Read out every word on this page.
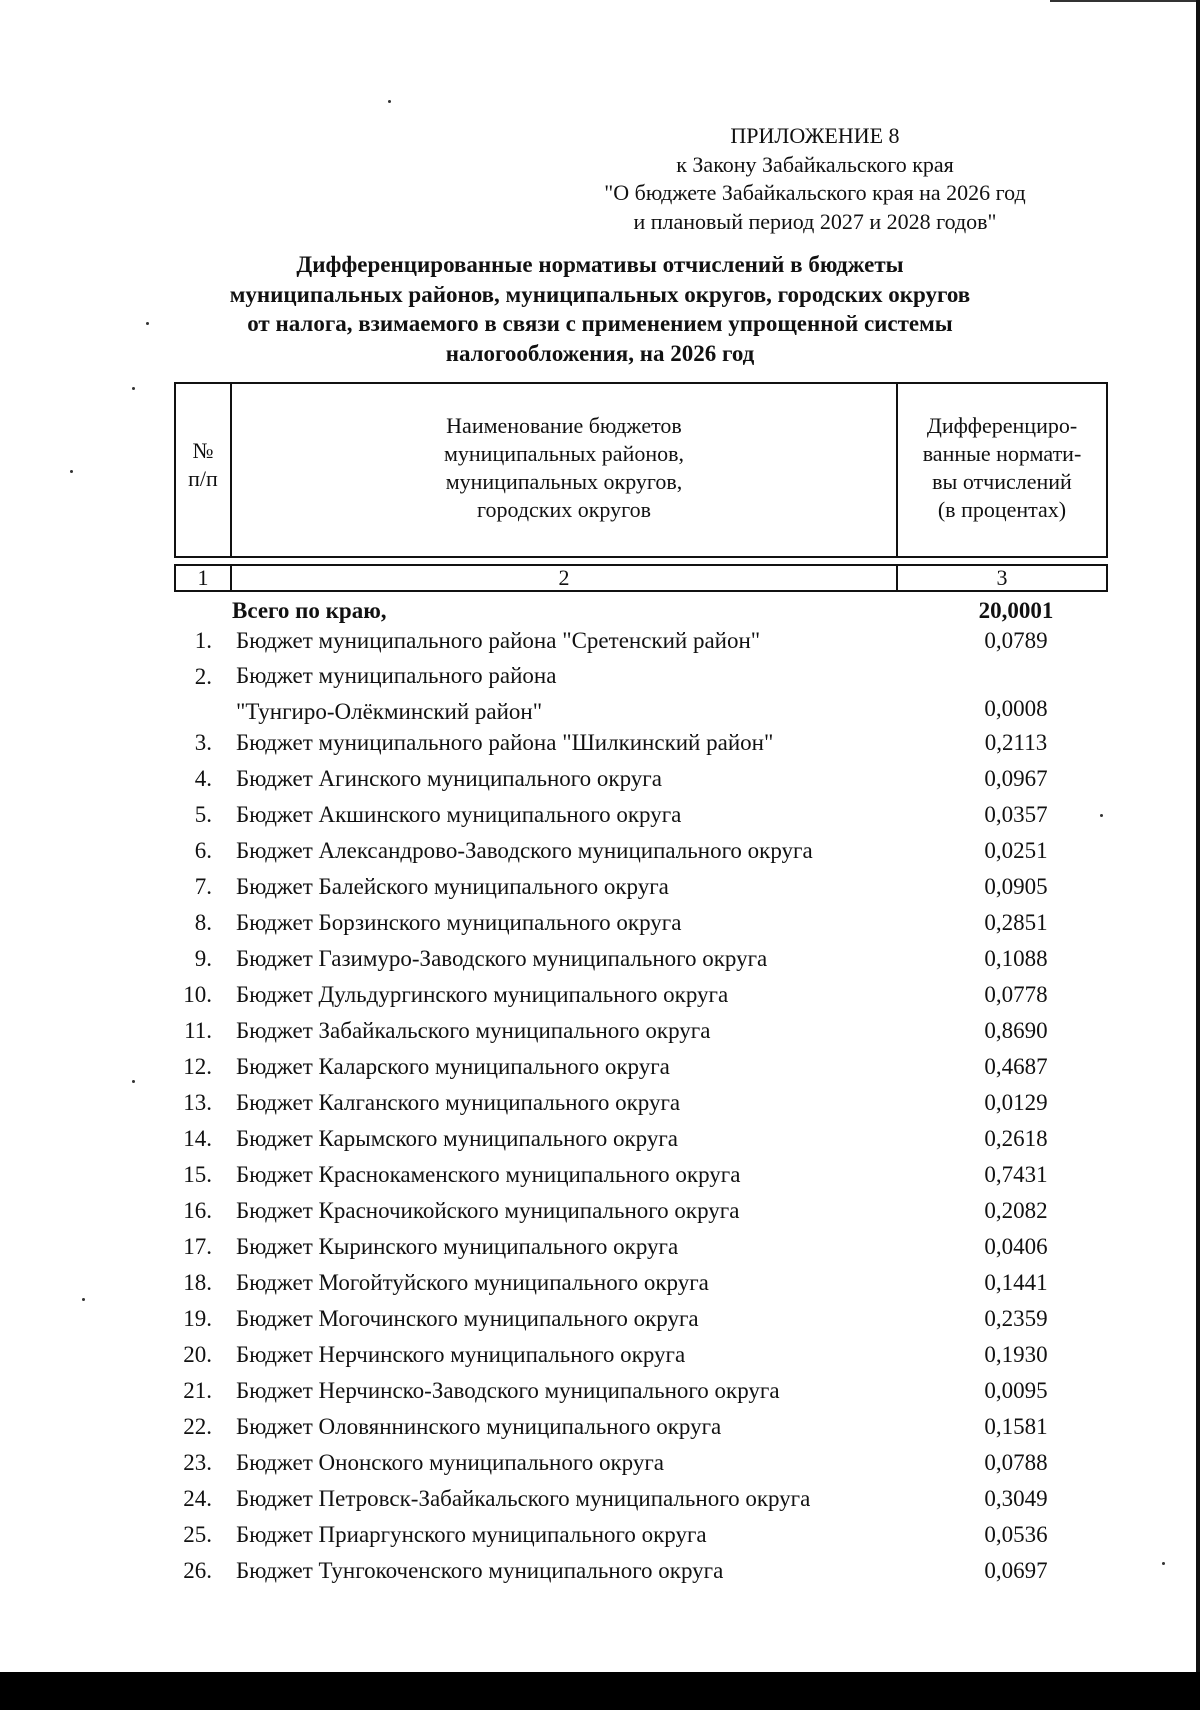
ПРИЛОЖЕНИЕ 8
к Закону Забайкальского края
"О бюджете Забайкальского края на 2026 год
и плановый период 2027 и 2028 годов"
Дифференцированные нормативы отчислений в бюджеты
муниципальных районов, муниципальных округов, городских округов
от налога, взимаемого в связи с применением упрощенной системы
налогообложения, на 2026 год
№
п/п
Наименование бюджетов
муниципальных районов,
муниципальных округов,
городских округов
Дифференциро-
ванные нормати-
вы отчислений
(в процентах)
1	2	3
Всего по краю,	20,0001
1. Бюджет муниципального района "Сретенский район"	0,0789
2. Бюджет муниципального района
"Тунгиро-Олёкминский район"	0,0008
3. Бюджет муниципального района "Шилкинский район"	0,2113
4. Бюджет Агинского муниципального округа	0,0967
5. Бюджет Акшинского муниципального округа	0,0357
6. Бюджет Александрово-Заводского муниципального округа	0,0251
7. Бюджет Балейского муниципального округа	0,0905
8. Бюджет Борзинского муниципального округа	0,2851
9. Бюджет Газимуро-Заводского муниципального округа	0,1088
10. Бюджет Дульдургинского муниципального округа	0,0778
11. Бюджет Забайкальского муниципального округа	0,8690
12. Бюджет Каларского муниципального округа	0,4687
13. Бюджет Калганского муниципального округа	0,0129
14. Бюджет Карымского муниципального округа	0,2618
15. Бюджет Краснокаменского муниципального округа	0,7431
16. Бюджет Красночикойского муниципального округа	0,2082
17. Бюджет Кыринского муниципального округа	0,0406
18. Бюджет Могойтуйского муниципального округа	0,1441
19. Бюджет Могочинского муниципального округа	0,2359
20. Бюджет Нерчинского муниципального округа	0,1930
21. Бюджет Нерчинско-Заводского муниципального округа	0,0095
22. Бюджет Оловяннинского муниципального округа	0,1581
23. Бюджет Ононского муниципального округа	0,0788
24. Бюджет Петровск-Забайкальского муниципального округа	0,3049
25. Бюджет Приаргунского муниципального округа	0,0536
26. Бюджет Тунгокоченского муниципального округа	0,0697
